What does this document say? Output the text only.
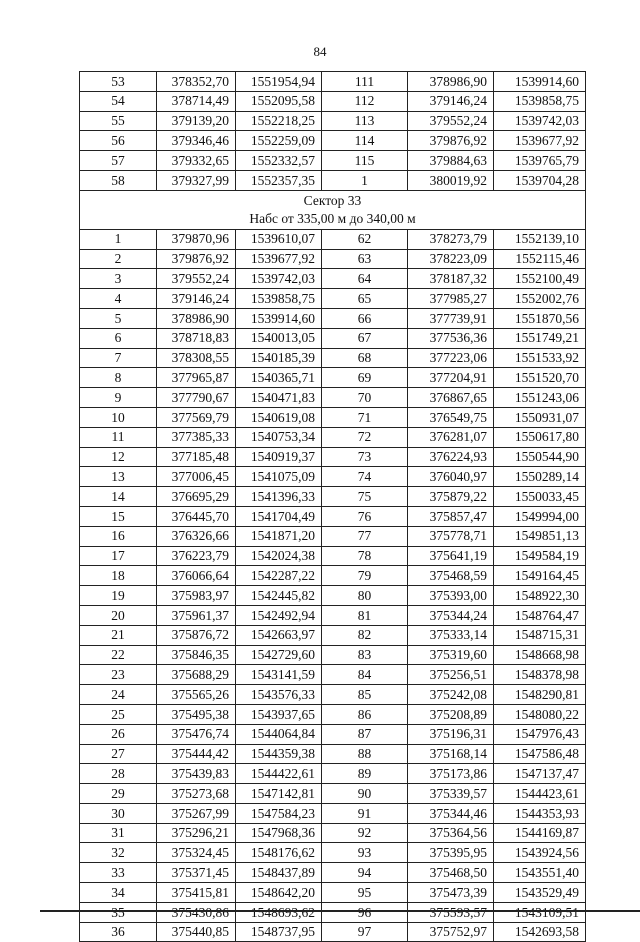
84
53	378352,70	1551954,94	111	378986,90	1539914,60
54	378714,49	1552095,58	112	379146,24	1539858,75
55	379139,20	1552218,25	113	379552,24	1539742,03
56	379346,46	1552259,09	114	379876,92	1539677,92
57	379332,65	1552332,57	115	379884,63	1539765,79
58	379327,99	1552357,35	1	380019,92	1539704,28

Сектор 33
Набс от 335,00 м до 340,00 м					

1	379870,96	1539610,07	62	378273,79	1552139,10
2	379876,92	1539677,92	63	378223,09	1552115,46
3	379552,24	1539742,03	64	378187,32	1552100,49
4	379146,24	1539858,75	65	377985,27	1552002,76
5	378986,90	1539914,60	66	377739,91	1551870,56
6	378718,83	1540013,05	67	377536,36	1551749,21
7	378308,55	1540185,39	68	377223,06	1551533,92
8	377965,87	1540365,71	69	377204,91	1551520,70
9	377790,67	1540471,83	70	376867,65	1551243,06
10	377569,79	1540619,08	71	376549,75	1550931,07
11	377385,33	1540753,34	72	376281,07	1550617,80
12	377185,48	1540919,37	73	376224,93	1550544,90
13	377006,45	1541075,09	74	376040,97	1550289,14
14	376695,29	1541396,33	75	375879,22	1550033,45
15	376445,70	1541704,49	76	375857,47	1549994,00
16	376326,66	1541871,20	77	375778,71	1549851,13
17	376223,79	1542024,38	78	375641,19	1549584,19
18	376066,64	1542287,22	79	375468,59	1549164,45
19	375983,97	1542445,82	80	375393,00	1548922,30
20	375961,37	1542492,94	81	375344,24	1548764,47
21	375876,72	1542663,97	82	375333,14	1548715,31
22	375846,35	1542729,60	83	375319,60	1548668,98
23	375688,29	1543141,59	84	375256,51	1548378,98
24	375565,26	1543576,33	85	375242,08	1548290,81
25	375495,38	1543937,65	86	375208,89	1548080,22
26	375476,74	1544064,84	87	375196,31	1547976,43
27	375444,42	1544359,38	88	375168,14	1547586,48
28	375439,83	1544422,61	89	375173,86	1547137,47
29	375273,68	1547142,81	90	375339,57	1544423,61
30	375267,99	1547584,23	91	375344,46	1544353,93
31	375296,21	1547968,36	92	375364,56	1544169,87
32	375324,45	1548176,62	93	375395,95	1543924,56
33	375371,45	1548437,89	94	375468,50	1543551,40
34	375415,81	1548642,20	95	375473,39	1543529,49
35	375430,86	1548693,62	96	375593,57	1543109,51
36	375440,85	1548737,95	97	375752,97	1542693,58
